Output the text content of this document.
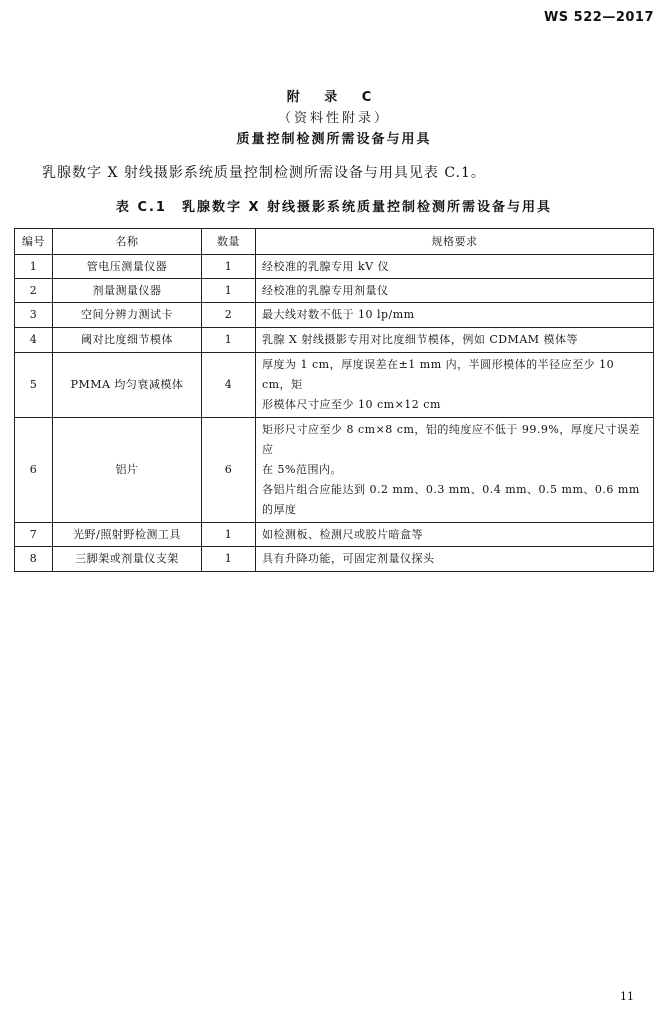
WS 522—2017
附 录 C
（资料性附录）
质量控制检测所需设备与用具
乳腺数字 X 射线摄影系统质量控制检测所需设备与用具见表 C.1。
表 C.1　乳腺数字 X 射线摄影系统质量控制检测所需设备与用具
编号	名称	数量	规格要求
1	管电压测量仪器	1	经校准的乳腺专用 kV 仪

2	剂量测量仪器	1	经校准的乳腺专用剂量仪

3	空间分辨力测试卡	2	最大线对数不低于 10 lp/mm

4	阈对比度细节模体	1	乳腺 X 射线摄影专用对比度细节模体，例如 CDMAM 模体等

5	PMMA 均匀衰减模体	4	厚度为 1 cm，厚度误差在±1 mm 内，半圆形模体的半径应至少 10 cm，矩
形模体尺寸应至少 10 cm×12 cm

6	铝片	6	矩形尺寸应至少 8 cm×8 cm，铝的纯度应不低于 99.9%，厚度尺寸误差应
在 5%范围内。
各铝片组合应能达到 0.2 mm、0.3 mm、0.4 mm、0.5 mm、0.6 mm 的厚度

7	光野/照射野检测工具	1	如检测板、检测尺或胶片暗盒等

8	三脚架或剂量仪支架	1	具有升降功能，可固定剂量仪探头
11
